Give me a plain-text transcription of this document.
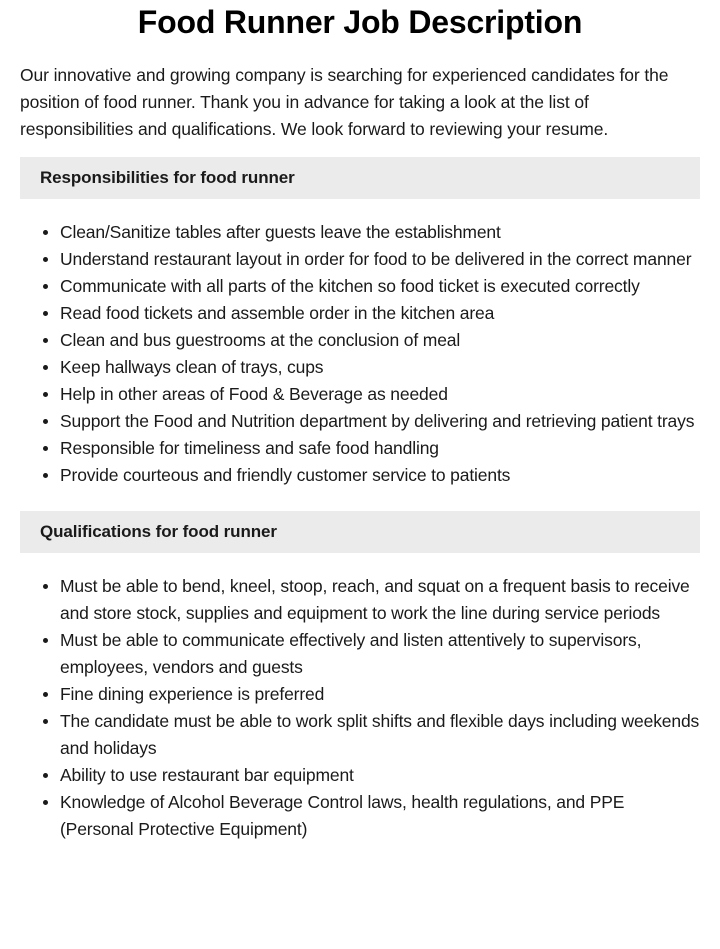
Food Runner Job Description

Our innovative and growing company is searching for experienced candidates for the position of food runner. Thank you in advance for taking a look at the list of responsibilities and qualifications. We look forward to reviewing your resume.

Responsibilities for food runner
Clean/Sanitize tables after guests leave the establishment
Understand restaurant layout in order for food to be delivered in the correct manner
Communicate with all parts of the kitchen so food ticket is executed correctly
Read food tickets and assemble order in the kitchen area
Clean and bus guestrooms at the conclusion of meal
Keep hallways clean of trays, cups
Help in other areas of Food & Beverage as needed
Support the Food and Nutrition department by delivering and retrieving patient trays
Responsible for timeliness and safe food handling
Provide courteous and friendly customer service to patients
Qualifications for food runner
Must be able to bend, kneel, stoop, reach, and squat on a frequent basis to receive and store stock, supplies and equipment to work the line during service periods
Must be able to communicate effectively and listen attentively to supervisors, employees, vendors and guests
Fine dining experience is preferred
The candidate must be able to work split shifts and flexible days including weekends and holidays
Ability to use restaurant bar equipment
Knowledge of Alcohol Beverage Control laws, health regulations, and PPE (Personal Protective Equipment)
